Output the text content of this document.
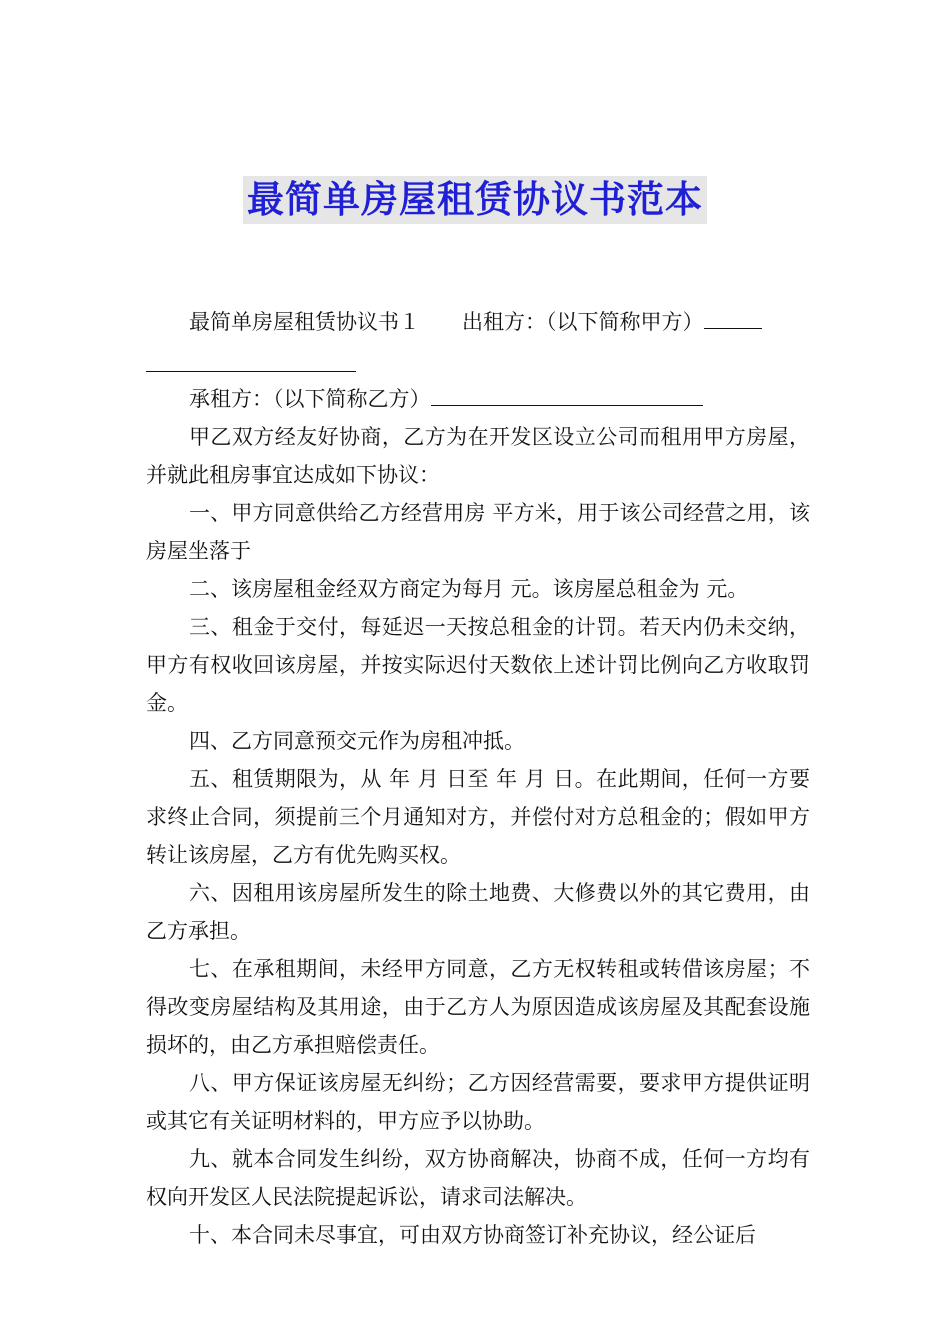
最简单房屋租赁协议书范本

最简单房屋租赁协议书１　　出租方：（以下简称甲方）

承租方：（以下简称乙方）

甲乙双方经友好协商，乙方为在开发区设立公司而租用甲方房屋，并就此租房事宜达成如下协议：

一、甲方同意供给乙方经营用房 平方米，用于该公司经营之用，该房屋坐落于

二、该房屋租金经双方商定为每月 元。该房屋总租金为 元。

三、租金于交付，每延迟一天按总租金的计罚。若天内仍未交纳，甲方有权收回该房屋，并按实际迟付天数依上述计罚比例向乙方收取罚金。

四、乙方同意预交元作为房租冲抵。

五、租赁期限为，从 年 月 日至 年 月 日。在此期间，任何一方要求终止合同，须提前三个月通知对方，并偿付对方总租金的；假如甲方转让该房屋，乙方有优先购买权。

六、因租用该房屋所发生的除土地费、大修费以外的其它费用，由乙方承担。

七、在承租期间，未经甲方同意，乙方无权转租或转借该房屋；不得改变房屋结构及其用途，由于乙方人为原因造成该房屋及其配套设施损坏的，由乙方承担赔偿责任。

八、甲方保证该房屋无纠纷；乙方因经营需要，要求甲方提供证明或其它有关证明材料的，甲方应予以协助。

九、就本合同发生纠纷，双方协商解决，协商不成，任何一方均有权向开发区人民法院提起诉讼，请求司法解决。

十、本合同未尽事宜，可由双方协商签订补充协议，经公证后
